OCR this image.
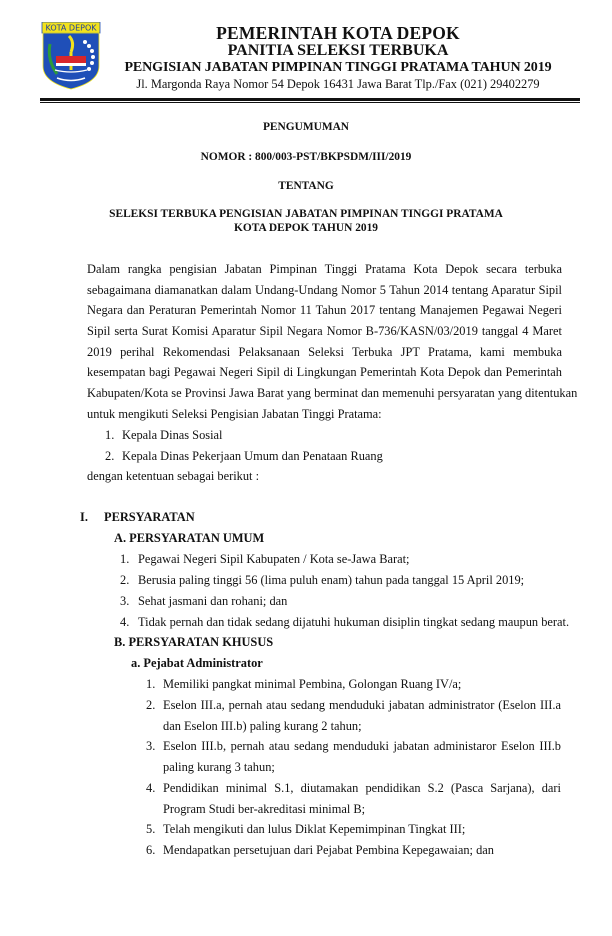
KOTA DEPOK	PEMERINTAH KOTA DEPOK
PANITIA SELEKSI TERBUKA
PENGISIAN JABATAN PIMPINAN TINGGI PRATAMA TAHUN 2019
Jl. Margonda Raya Nomor 54 Depok 16431 Jawa Barat Tlp./Fax (021) 29402279
PENGUMUMAN
NOMOR : 800/003-PST/BKPSDM/III/2019
TENTANG
SELEKSI TERBUKA PENGISIAN JABATAN PIMPINAN TINGGI PRATAMA
KOTA DEPOK TAHUN 2019
Dalam rangka pengisian Jabatan Pimpinan Tinggi Pratama Kota Depok secara terbuka
sebagaimana diamanatkan dalam Undang-Undang Nomor 5 Tahun 2014 tentang Aparatur Sipil
Negara dan Peraturan Pemerintah Nomor 11 Tahun 2017 tentang Manajemen Pegawai Negeri
Sipil serta Surat Komisi Aparatur Sipil Negara Nomor B-736/KASN/03/2019 tanggal 4 Maret
2019 perihal Rekomendasi Pelaksanaan Seleksi Terbuka JPT Pratama, kami membuka
kesempatan bagi Pegawai Negeri Sipil di Lingkungan Pemerintah Kota Depok dan Pemerintah
Kabupaten/Kota se Provinsi Jawa Barat yang berminat dan memenuhi persyaratan yang ditentukan
untuk mengikuti Seleksi Pengisian Jabatan Tinggi Pratama:
1. Kepala Dinas Sosial
2. Kepala Dinas Pekerjaan Umum dan Penataan Ruang
dengan ketentuan sebagai berikut :
I. PERSYARATAN
A. PERSYARATAN UMUM
1. Pegawai Negeri Sipil Kabupaten / Kota se-Jawa Barat;
2. Berusia paling tinggi 56 (lima puluh enam) tahun pada tanggal 15 April 2019;
3. Sehat jasmani dan rohani; dan
4. Tidak pernah dan tidak sedang dijatuhi hukuman disiplin tingkat sedang maupun berat.
B. PERSYARATAN KHUSUS
a. Pejabat Administrator
1. Memiliki pangkat minimal Pembina, Golongan Ruang IV/a;
2. Eselon III.a, pernah atau sedang menduduki jabatan administrator (Eselon III.a
dan Eselon III.b) paling kurang 2 tahun;
3. Eselon III.b, pernah atau sedang menduduki jabatan administaror Eselon III.b
paling kurang 3 tahun;
4. Pendidikan minimal S.1, diutamakan pendidikan S.2 (Pasca Sarjana), dari
Program Studi ber-akreditasi minimal B;
5. Telah mengikuti dan lulus Diklat Kepemimpinan Tingkat III;
6. Mendapatkan persetujuan dari Pejabat Pembina Kepegawaian; dan
